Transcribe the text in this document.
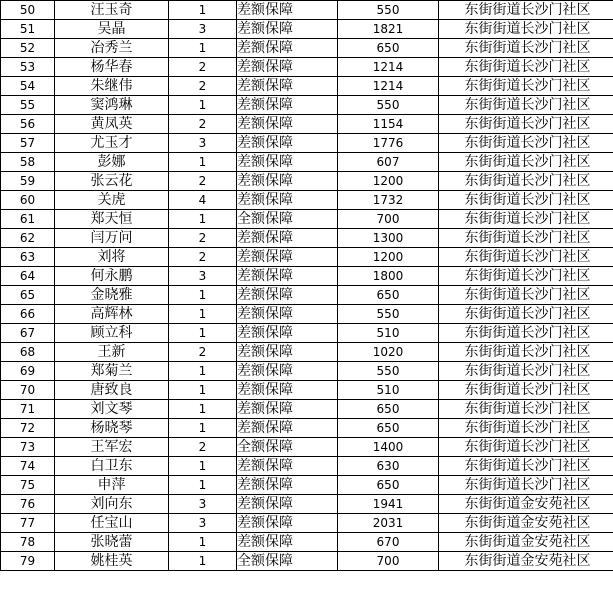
50	汪玉奇	1	差额保障	550	东街街道长沙门社区
51	吴晶	3	差额保障	1821	东街街道长沙门社区
52	冶秀兰	1	差额保障	650	东街街道长沙门社区
53	杨华春	2	差额保障	1214	东街街道长沙门社区
54	朱继伟	2	差额保障	1214	东街街道长沙门社区
55	窦鸿琳	1	差额保障	550	东街街道长沙门社区
56	黄凤英	2	差额保障	1154	东街街道长沙门社区
57	尤玉才	3	差额保障	1776	东街街道长沙门社区
58	彭娜	1	差额保障	607	东街街道长沙门社区
59	张云花	2	差额保障	1200	东街街道长沙门社区
60	关虎	4	差额保障	1732	东街街道长沙门社区
61	郑天恒	1	全额保障	700	东街街道长沙门社区
62	闫万问	2	差额保障	1300	东街街道长沙门社区
63	刘将	2	差额保障	1200	东街街道长沙门社区
64	何永鹏	3	差额保障	1800	东街街道长沙门社区
65	金晓雅	1	差额保障	650	东街街道长沙门社区
66	高辉林	1	差额保障	550	东街街道长沙门社区
67	顾立科	1	差额保障	510	东街街道长沙门社区
68	王新	2	差额保障	1020	东街街道长沙门社区
69	郑菊兰	1	差额保障	550	东街街道长沙门社区
70	唐致良	1	差额保障	510	东街街道长沙门社区
71	刘文琴	1	差额保障	650	东街街道长沙门社区
72	杨晓琴	1	差额保障	650	东街街道长沙门社区
73	王军宏	2	全额保障	1400	东街街道长沙门社区
74	白卫东	1	差额保障	630	东街街道长沙门社区
75	申萍	1	差额保障	650	东街街道长沙门社区
76	刘向东	3	差额保障	1941	东街街道金安苑社区
77	任宝山	3	差额保障	2031	东街街道金安苑社区
78	张晓蕾	1	差额保障	670	东街街道金安苑社区
79	姚桂英	1	全额保障	700	东街街道金安苑社区
